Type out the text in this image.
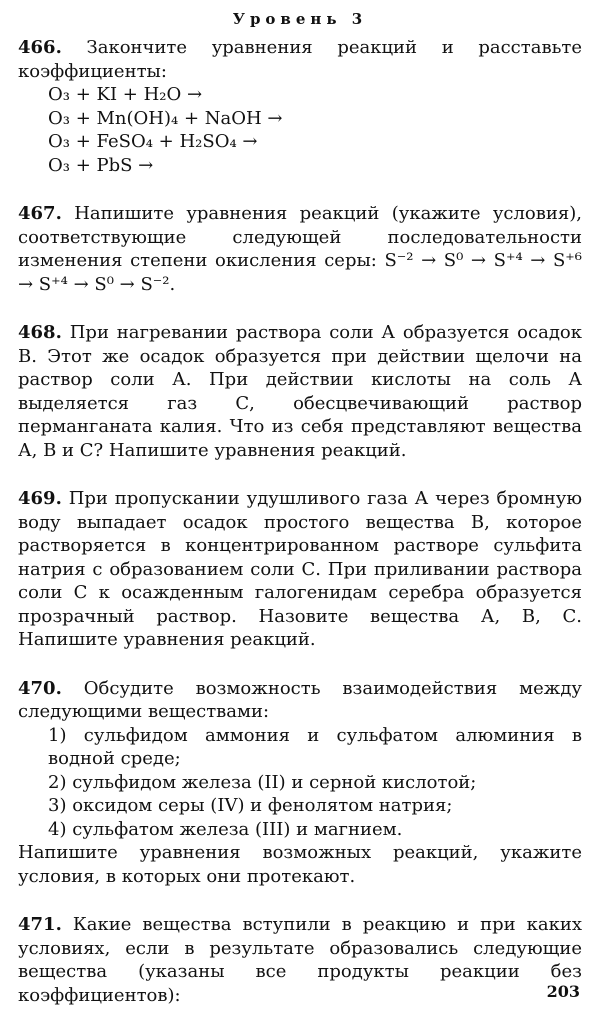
Уровень 3

466. Закончите уравнения реакций и расставьте коэффициенты:

O₃ + KI + H₂O →
O₃ + Mn(OH)₄ + NaOH →
O₃ + FeSO₄ + H₂SO₄ →
O₃ + PbS →

467. Напишите уравнения реакций (укажите условия), соответствующие следующей последовательности изменения степени окисления серы: S⁻² → S⁰ → S⁺⁴ → S⁺⁶ → S⁺⁴ → S⁰ → S⁻².

468. При нагревании раствора соли А образуется осадок В. Этот же осадок образуется при действии щелочи на раствор соли А. При действии кислоты на соль А выделяется газ С, обесцвечивающий раствор перманганата калия. Что из себя представляют вещества А, В и С? Напишите уравнения реакций.

469. При пропускании удушливого газа А через бромную воду выпадает осадок простого вещества В, которое растворяется в концентрированном растворе сульфита натрия с образованием соли С. При приливании раствора соли С к осажденным галогенидам серебра образуется прозрачный раствор. Назовите вещества А, В, С. Напишите уравнения реакций.

470. Обсудите возможность взаимодействия между следующими веществами:

1) сульфидом аммония и сульфатом алюминия в водной среде;
2) сульфидом железа (II) и серной кислотой;
3) оксидом серы (IV) и фенолятом натрия;
4) сульфатом железа (III) и магнием.

Напишите уравнения возможных реакций, укажите условия, в которых они протекают.

471. Какие вещества вступили в реакцию и при каких условиях, если в результате образовались следующие вещества (указаны все продукты реакции без коэффициентов):	203
